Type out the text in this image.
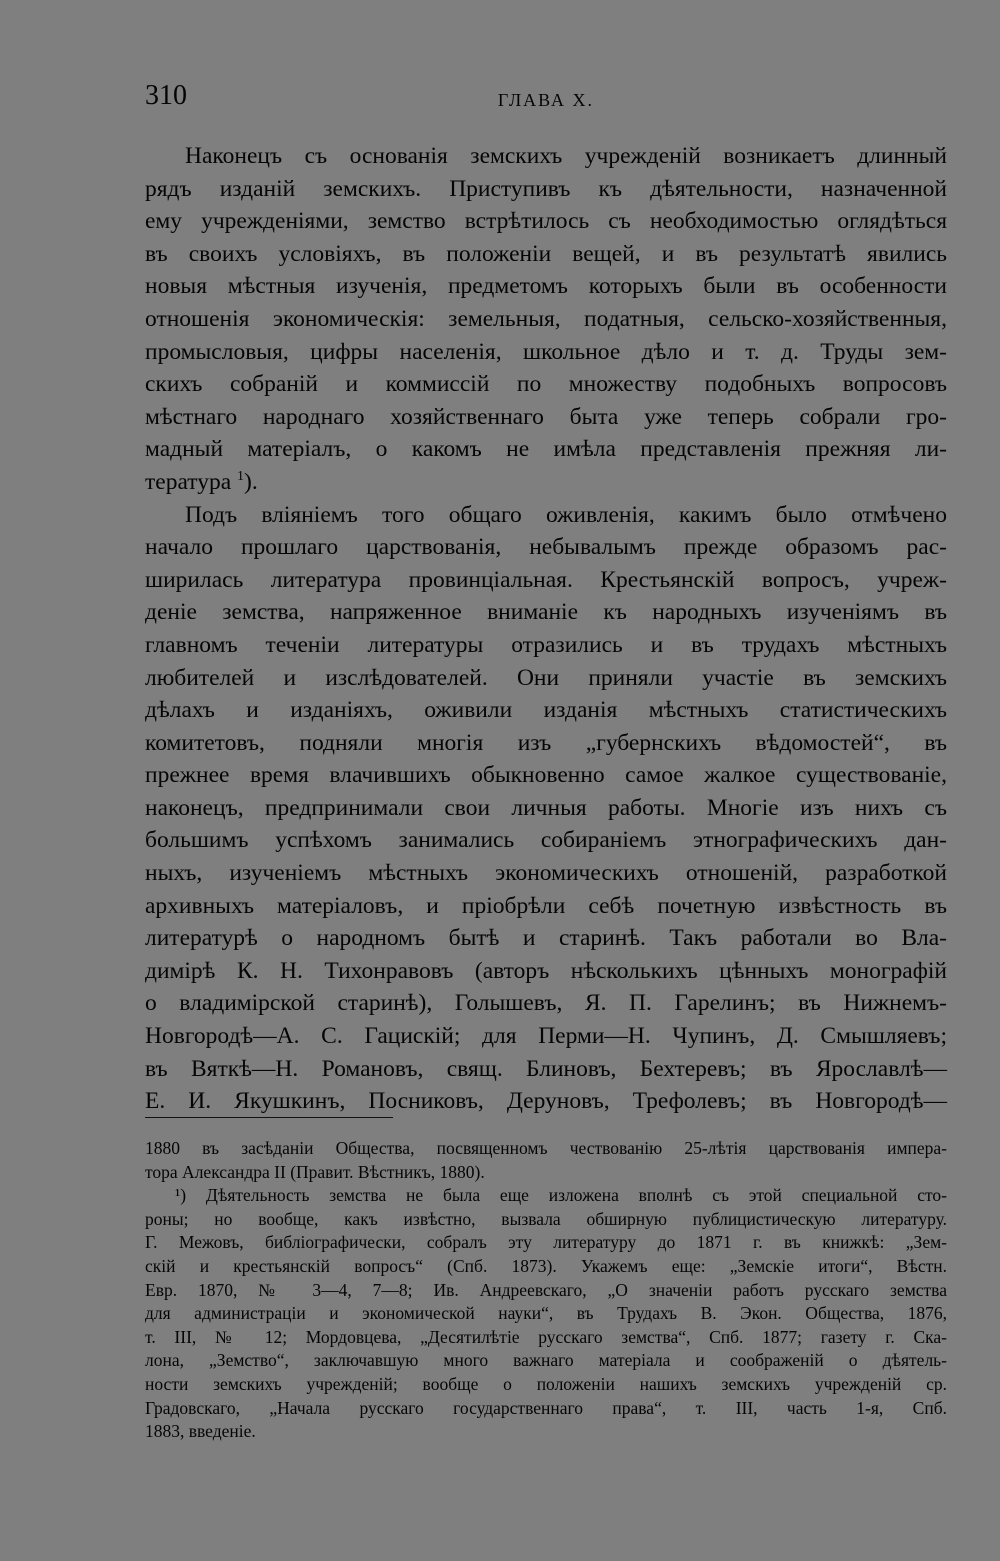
310	ГЛАВА X.
Наконецъ съ основанія земскихъ учрежденій возникаетъ длинный
рядъ изданій земскихъ. Приступивъ къ дѣятельности, назначенной
ему учрежденіями, земство встрѣтилось съ необходимостью оглядѣться
въ своихъ условіяхъ, въ положеніи вещей, и въ результатѣ явились
новыя мѣстныя изученія, предметомъ которыхъ были въ особенности
отношенія экономическія: земельныя, податныя, сельско-хозяйственныя,
промысловыя, цифры населенія, школьное дѣло и т. д. Труды зем-
скихъ собраній и коммиссій по множеству подобныхъ вопросовъ
мѣстнаго народнаго хозяйственнаго быта уже теперь собрали гро-
мадный матеріалъ, о какомъ не имѣла представленія прежняя ли-
тература $^1$).
Подъ вліяніемъ того общаго оживленія, какимъ было отмѣчено
начало прошлаго царствованія, небывалымъ прежде образомъ рас-
ширилась литература провинціальная. Крестьянскій вопросъ, учреж-
деніе земства, напряженное вниманіе къ народныхъ изученіямъ въ
главномъ теченіи литературы отразились и въ трудахъ мѣстныхъ
любителей и изслѣдователей. Они приняли участіе въ земскихъ
дѣлахъ и изданіяхъ, оживили изданія мѣстныхъ статистическихъ
комитетовъ, подняли многія изъ „губернскихъ вѣдомостей“, въ
прежнее время влачившихъ обыкновенно самое жалкое существованіе,
наконецъ, предпринимали свои личныя работы. Многіе изъ нихъ съ
большимъ успѣхомъ занимались собираніемъ этнографическихъ дан-
ныхъ, изученіемъ мѣстныхъ экономическихъ отношеній, разработкой
архивныхъ матеріаловъ, и пріобрѣли себѣ почетную извѣстность въ
литературѣ о народномъ бытѣ и старинѣ. Такъ работали во Вла-
димірѣ К. Н. Тихонравовъ (авторъ нѣсколькихъ цѣнныхъ монографій
о владимірской старинѣ), Голышевъ, Я. П. Гарелинъ; въ Нижнемъ-
Новгородѣ—А. С. Гацискій; для Перми—Н. Чупинъ, Д. Смышляевъ;
въ Вяткѣ—Н. Романовъ, свящ. Блиновъ, Бехтеревъ; въ Ярославлѣ—
Е. И. Якушкинъ, Посниковъ, Деруновъ, Трефолевъ; въ Новгородѣ—
1880 въ засѣданіи Общества, посвященномъ чествованію 25-лѣтія царствованія импера-
тора Александра II (Правит. Вѣстникъ, 1880).
¹) Дѣятельность земства не была еще изложена вполнѣ съ этой специальной сто-
роны; но вообще, какъ извѣстно, вызвала обширную публицистическую литературу.
Г. Межовъ, библіографически, собралъ эту литературу до 1871 г. въ книжкѣ: „Зем-
скій и крестьянскій вопросъ“ (Спб. 1873). Укажемъ еще: „Земскіе итоги“, Вѣстн.
Евр. 1870, № 3—4, 7—8; Ив. Андреевскаго, „О значеніи работъ русскаго земства
для администраціи и экономической науки“, въ Трудахъ В. Экон. Общества, 1876,
т. III, № 12; Мордовцева, „Десятилѣтіе русскаго земства“, Спб. 1877; газету г. Ска-
лона, „Земство“, заключавшую много важнаго матеріала и соображеній о дѣятель-
ности земскихъ учрежденій; вообще о положеніи нашихъ земскихъ учрежденій ср.
Градовскаго, „Начала русскаго государственнаго права“, т. III, часть 1-я, Спб.
1883, введеніе.
